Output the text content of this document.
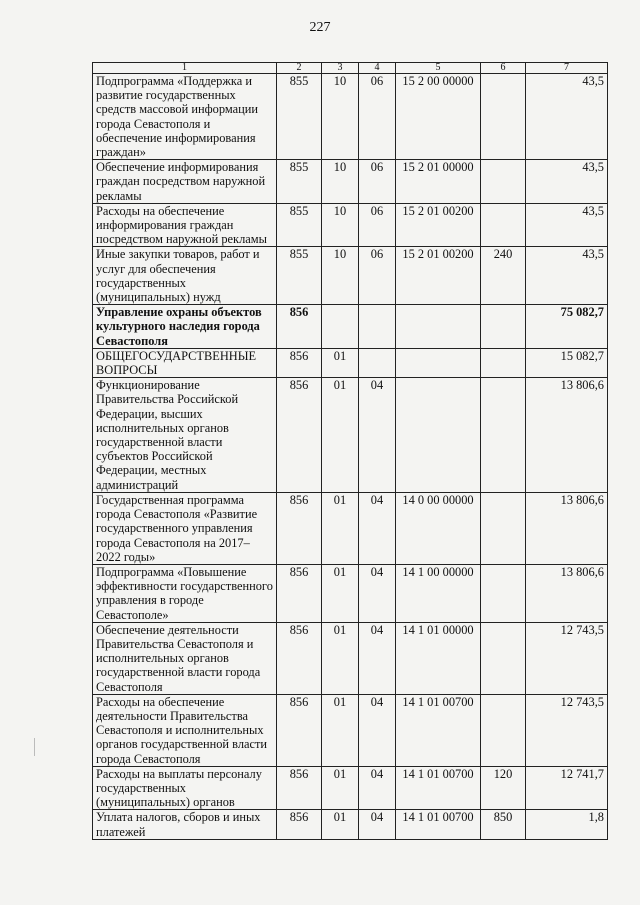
227
1	2	3	4	5	6	7
Подпрограмма «Поддержка и развитие государственных средств массовой информации города Севастополя и обеспечение информирования граждан»	855	10	06	15 2 00 00000		43,5
Обеспечение информирования граждан посредством наружной рекламы	855	10	06	15 2 01 00000		43,5
Расходы на обеспечение информирования граждан посредством наружной рекламы	855	10	06	15 2 01 00200		43,5
Иные закупки товаров, работ и услуг для обеспечения государственных (муниципальных) нужд	855	10	06	15 2 01 00200	240	43,5
Управление охраны объектов культурного наследия города Севастополя	856					75 082,7
ОБЩЕГОСУДАРСТВЕННЫЕ ВОПРОСЫ	856	01				15 082,7
Функционирование Правительства Российской Федерации, высших исполнительных органов государственной власти субъектов Российской Федерации, местных администраций	856	01	04			13 806,6
Государственная программа города Севастополя «Развитие государственного управления города Севастополя на 2017–2022 годы»	856	01	04	14 0 00 00000		13 806,6
Подпрограмма «Повышение эффективности государственного управления в городе Севастополе»	856	01	04	14 1 00 00000		13 806,6
Обеспечение деятельности Правительства Севастополя и исполнительных органов государственной власти города Севастополя	856	01	04	14 1 01 00000		12 743,5
Расходы на обеспечение деятельности Правительства Севастополя и исполнительных органов государственной власти города Севастополя	856	01	04	14 1 01 00700		12 743,5
Расходы на выплаты персоналу государственных (муниципальных) органов	856	01	04	14 1 01 00700	120	12 741,7
Уплата налогов, сборов и иных платежей	856	01	04	14 1 01 00700	850	1,8
